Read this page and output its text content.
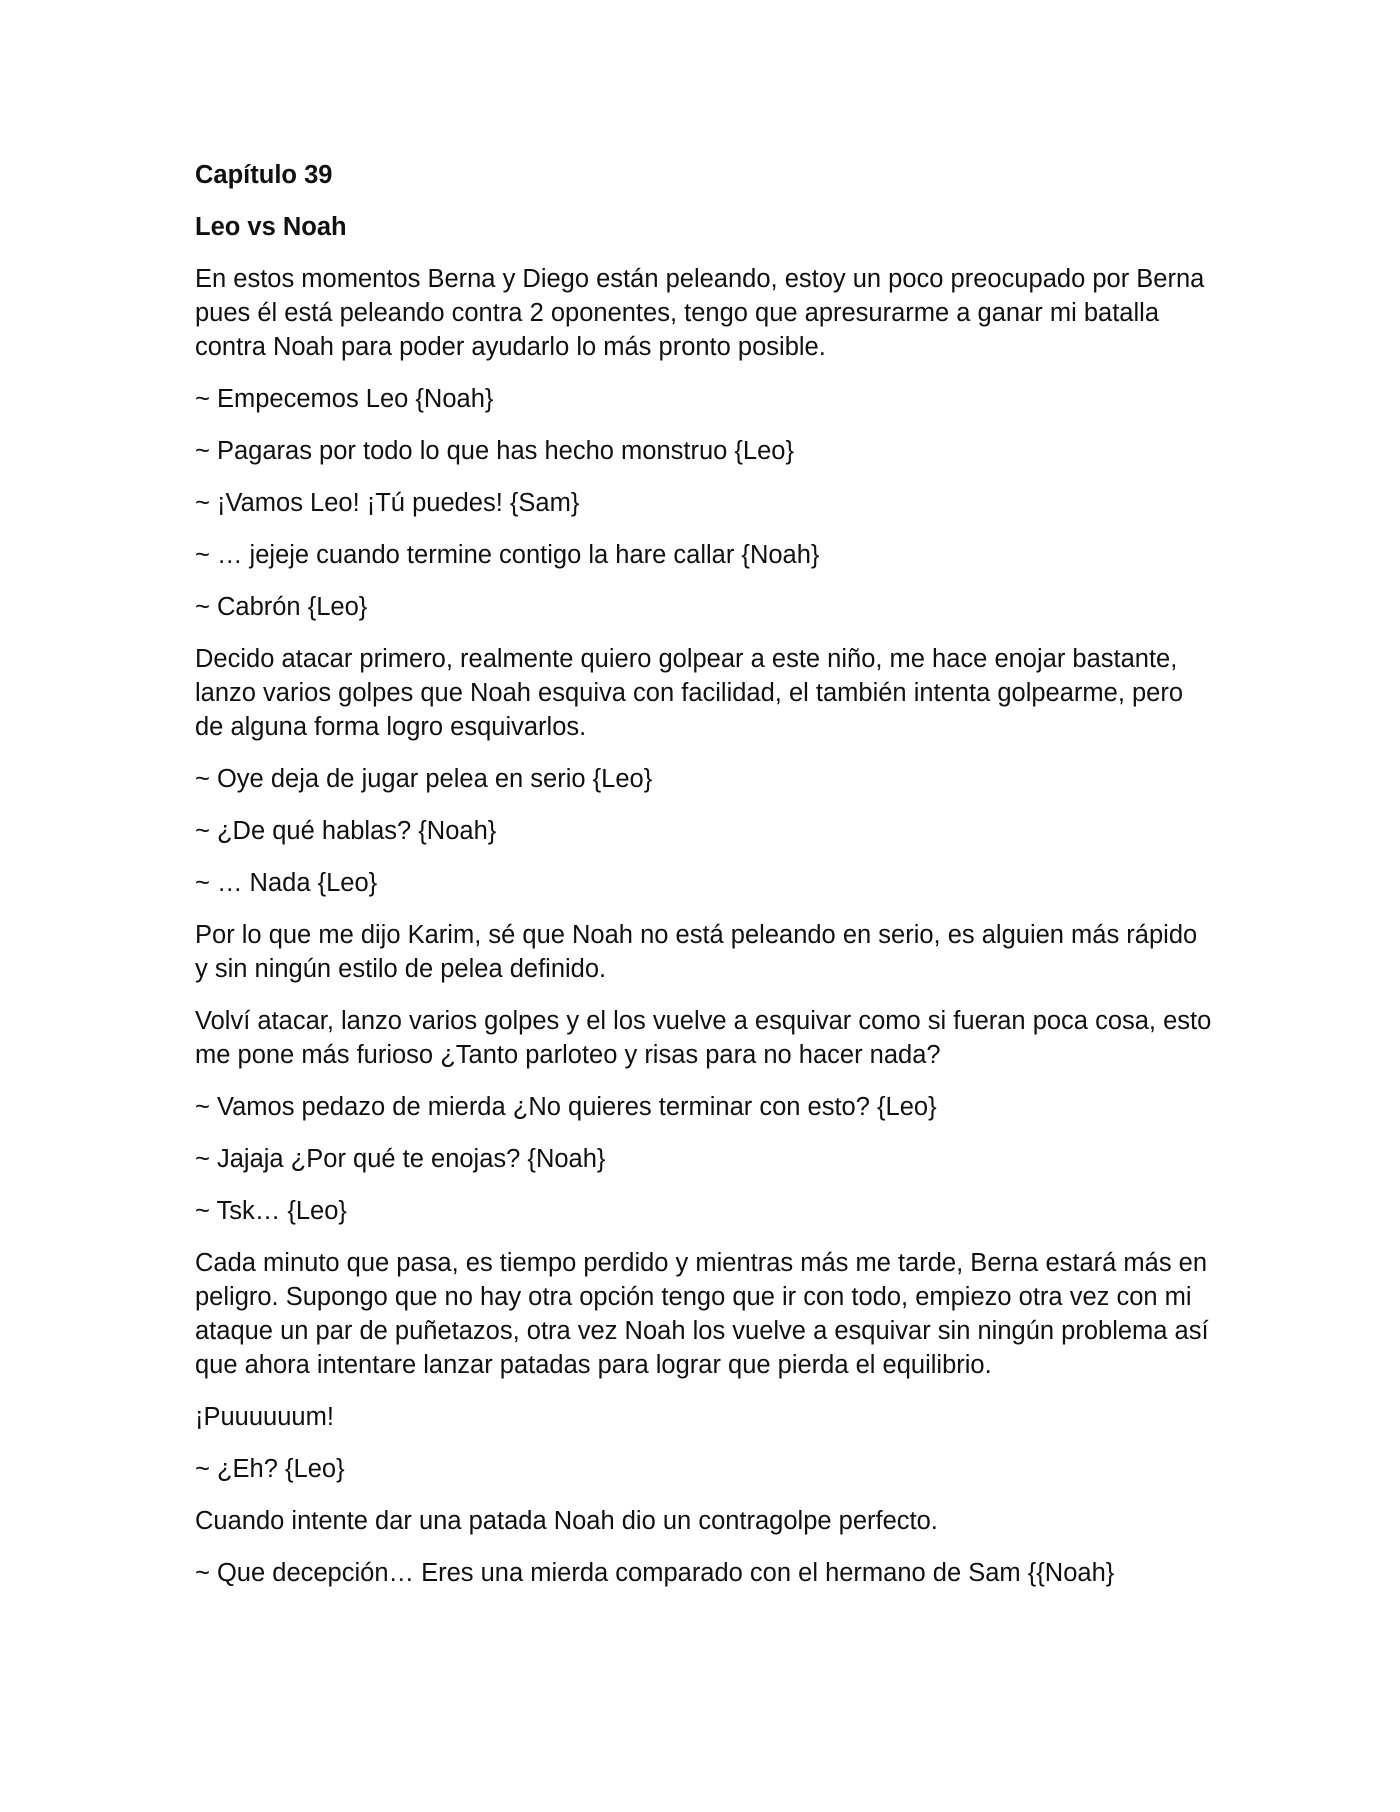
Capítulo 39
Leo vs Noah
En estos momentos Berna y Diego están peleando, estoy un poco preocupado por Berna pues él está peleando contra 2 oponentes, tengo que apresurarme a ganar mi batalla contra Noah para poder ayudarlo lo más pronto posible.
~ Empecemos Leo {Noah}
~ Pagaras por todo lo que has hecho monstruo {Leo}
~ ¡Vamos Leo! ¡Tú puedes! {Sam}
~ … jejeje cuando termine contigo la hare callar {Noah}
~ Cabrón {Leo}
Decido atacar primero, realmente quiero golpear a este niño, me hace enojar bastante, lanzo varios golpes que Noah esquiva con facilidad, el también intenta golpearme, pero de alguna forma logro esquivarlos.
~ Oye deja de jugar pelea en serio {Leo}
~ ¿De qué hablas? {Noah}
~ … Nada {Leo}
Por lo que me dijo Karim, sé que Noah no está peleando en serio, es alguien más rápido y sin ningún estilo de pelea definido.
Volví atacar, lanzo varios golpes y el los vuelve a esquivar como si fueran poca cosa, esto me pone más furioso ¿Tanto parloteo y risas para no hacer nada?
~ Vamos pedazo de mierda ¿No quieres terminar con esto? {Leo}
~ Jajaja ¿Por qué te enojas? {Noah}
~ Tsk… {Leo}
Cada minuto que pasa, es tiempo perdido y mientras más me tarde, Berna estará más en peligro. Supongo que no hay otra opción tengo que ir con todo, empiezo otra vez con mi ataque un par de puñetazos, otra vez Noah los vuelve a esquivar sin ningún problema así que ahora intentare lanzar patadas para lograr que pierda el equilibrio.
¡Puuuuuum!
~ ¿Eh? {Leo}
Cuando intente dar una patada Noah dio un contragolpe perfecto.
~ Que decepción… Eres una mierda comparado con el hermano de Sam {{Noah}
